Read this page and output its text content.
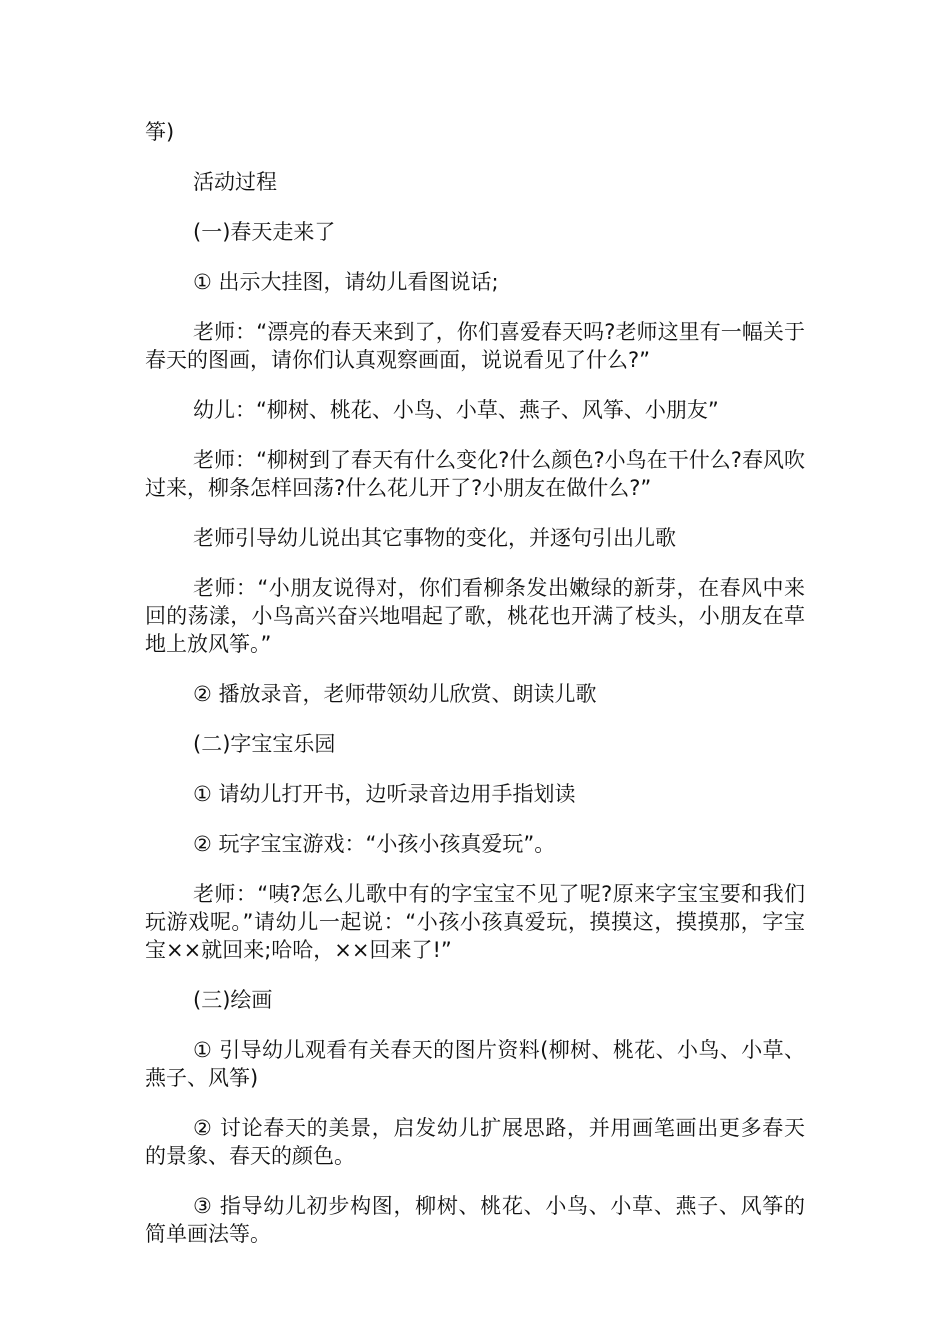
筝)

活动过程

(一)春天走来了

① 出示大挂图，请幼儿看图说话;

老师：“漂亮的春天来到了，你们喜爱春天吗?老师这里有一幅关于春天的图画，请你们认真观察画面，说说看见了什么?”

幼儿：“柳树、桃花、小鸟、小草、燕子、风筝、小朋友”

老师：“柳树到了春天有什么变化?什么颜色?小鸟在干什么?春风吹过来，柳条怎样回荡?什么花儿开了?小朋友在做什么?”

老师引导幼儿说出其它事物的变化，并逐句引出儿歌

老师：“小朋友说得对，你们看柳条发出嫩绿的新芽，在春风中来回的荡漾，小鸟高兴奋兴地唱起了歌，桃花也开满了枝头，小朋友在草地上放风筝。”

② 播放录音，老师带领幼儿欣赏、朗读儿歌

(二)字宝宝乐园

① 请幼儿打开书，边听录音边用手指划读

② 玩字宝宝游戏：“小孩小孩真爱玩”。

老师：“咦?怎么儿歌中有的字宝宝不见了呢?原来字宝宝要和我们玩游戏呢。”请幼儿一起说：“小孩小孩真爱玩，摸摸这，摸摸那，字宝宝××就回来;哈哈，××回来了!”

(三)绘画

① 引导幼儿观看有关春天的图片资料(柳树、桃花、小鸟、小草、燕子、风筝)

② 讨论春天的美景，启发幼儿扩展思路，并用画笔画出更多春天的景象、春天的颜色。

③ 指导幼儿初步构图，柳树、桃花、小鸟、小草、燕子、风筝的简单画法等。
